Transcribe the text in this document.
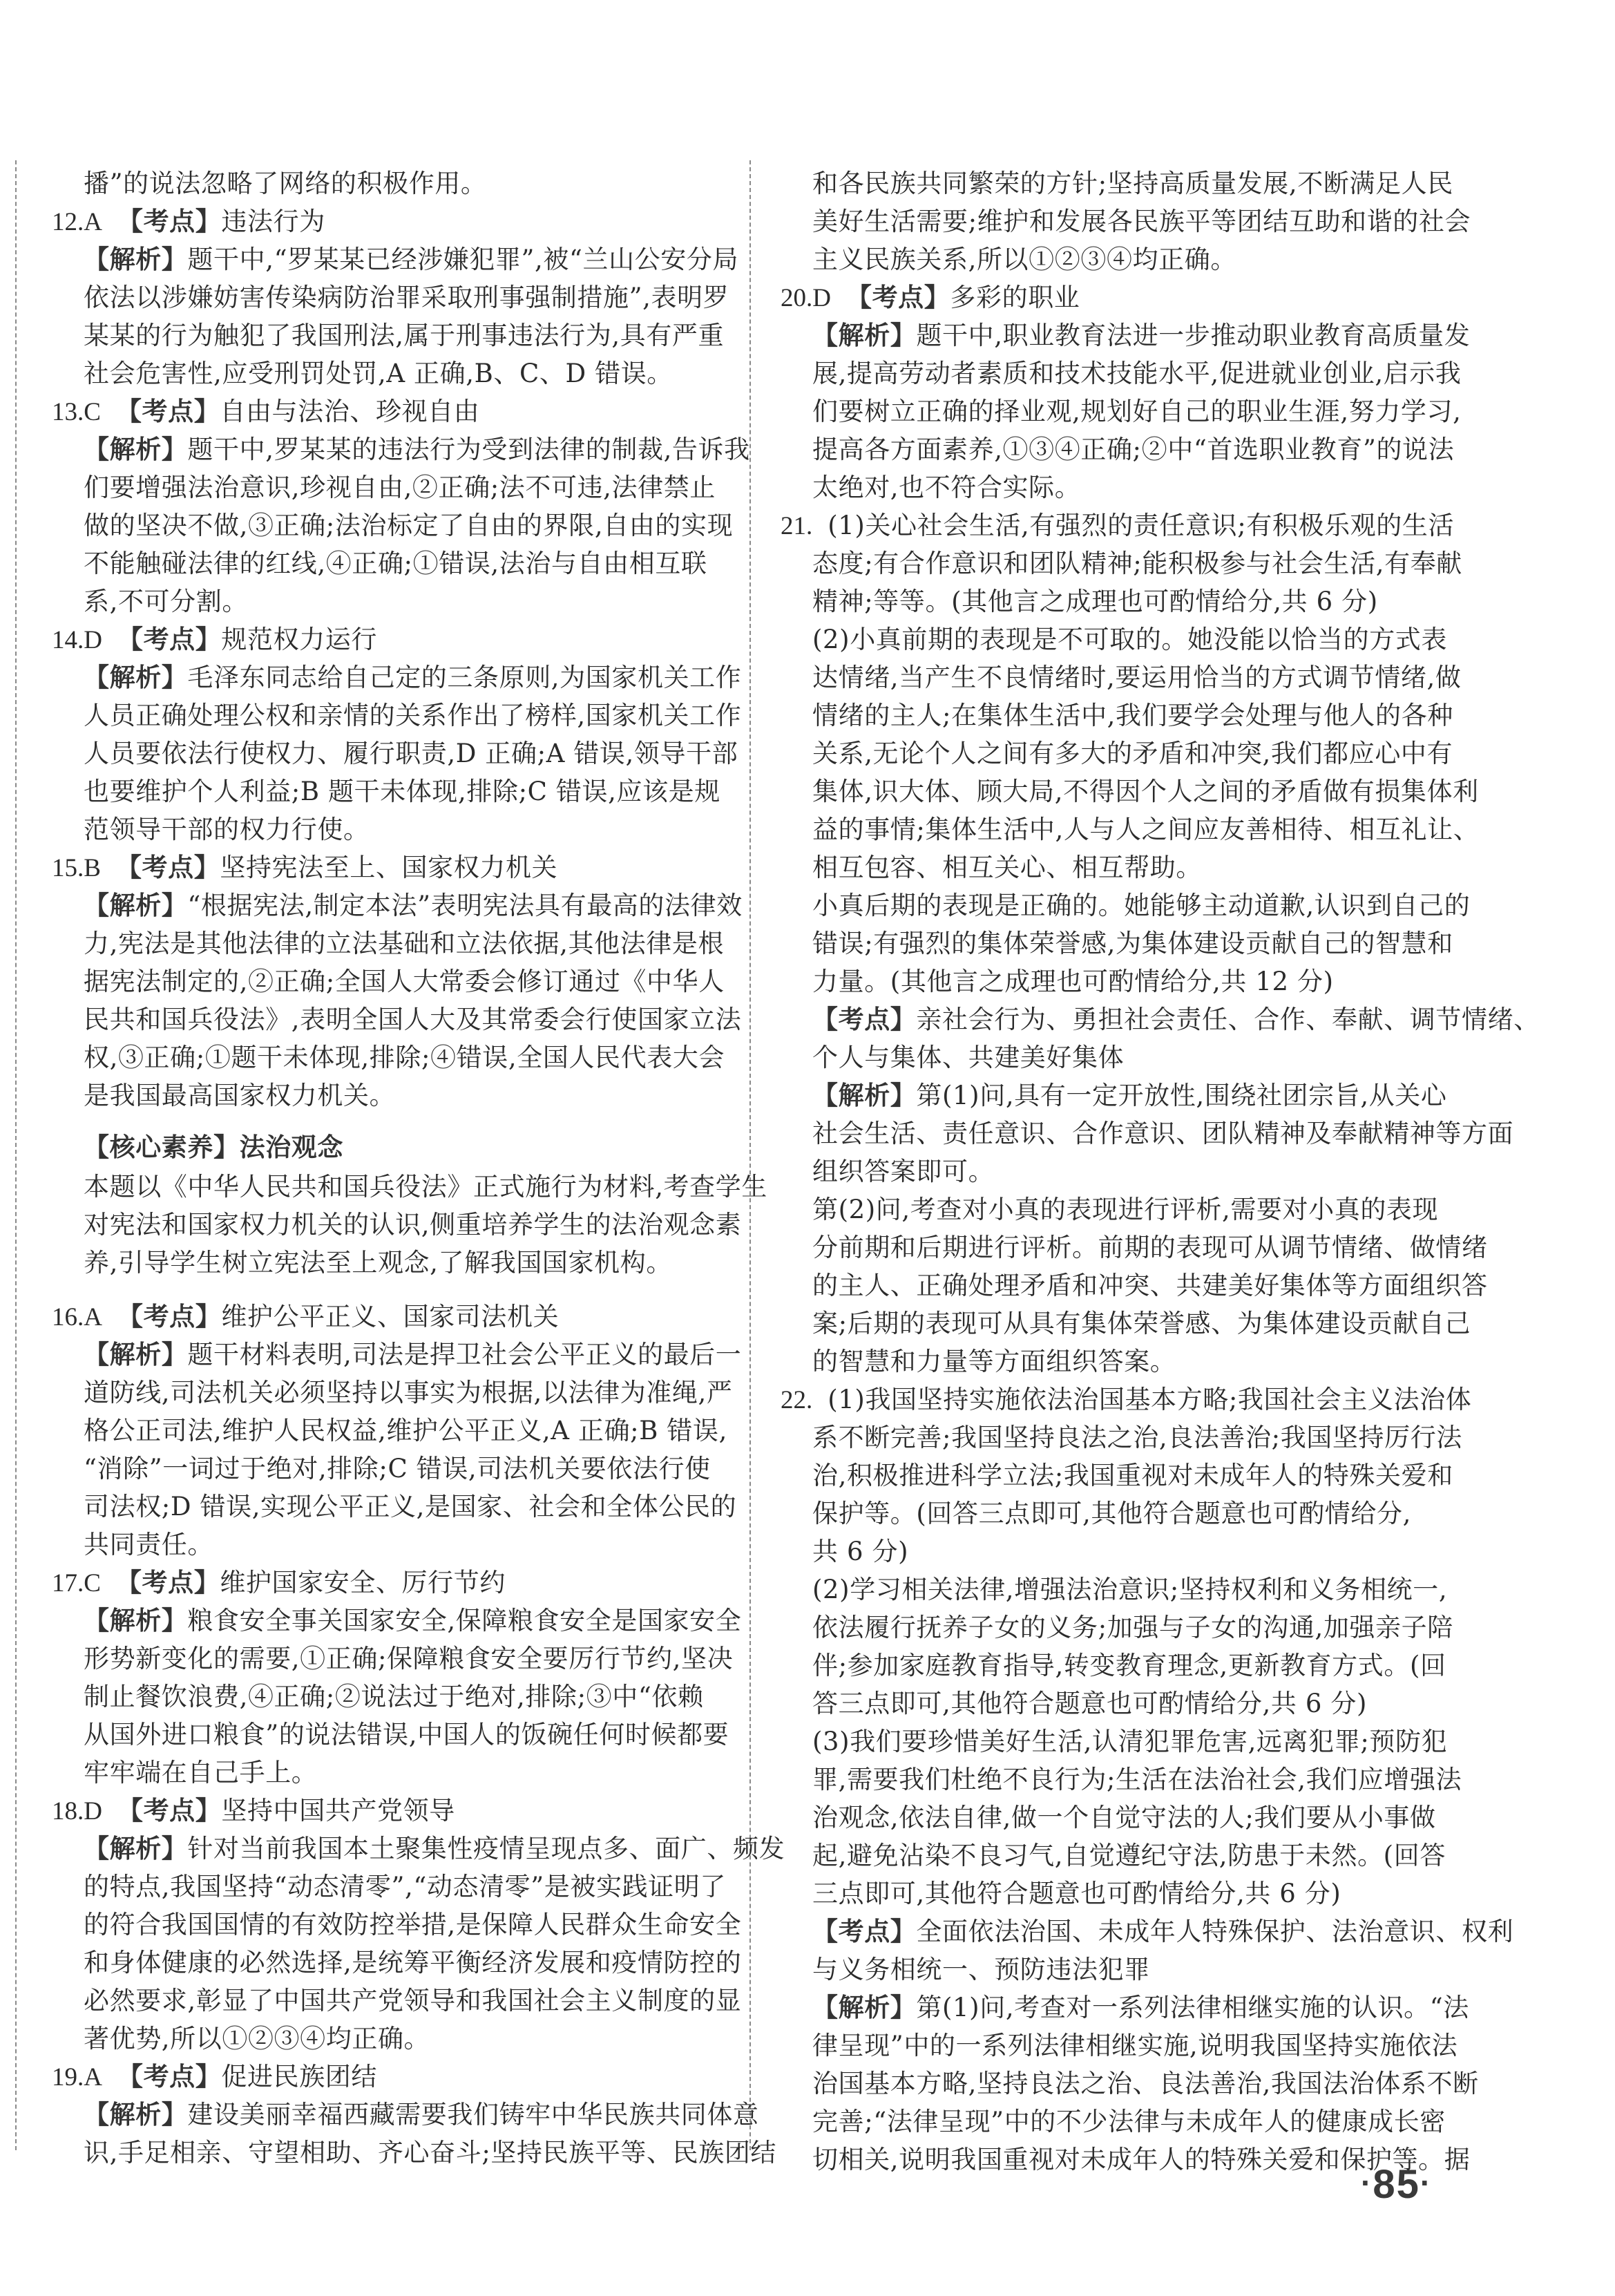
播”的说法忽略了网络的积极作用。
12.A 【考点】违法行为
【解析】题干中,“罗某某已经涉嫌犯罪”,被“兰山公安分局
依法以涉嫌妨害传染病防治罪采取刑事强制措施”,表明罗
某某的行为触犯了我国刑法,属于刑事违法行为,具有严重
社会危害性,应受刑罚处罚,A 正确,B、C、D 错误。
13.C 【考点】自由与法治、珍视自由
【解析】题干中,罗某某的违法行为受到法律的制裁,告诉我
们要增强法治意识,珍视自由,②正确;法不可违,法律禁止
做的坚决不做,③正确;法治标定了自由的界限,自由的实现
不能触碰法律的红线,④正确;①错误,法治与自由相互联
系,不可分割。
14.D 【考点】规范权力运行
【解析】毛泽东同志给自己定的三条原则,为国家机关工作
人员正确处理公权和亲情的关系作出了榜样,国家机关工作
人员要依法行使权力、履行职责,D 正确;A 错误,领导干部
也要维护个人利益;B 题干未体现,排除;C 错误,应该是规
范领导干部的权力行使。
15.B 【考点】坚持宪法至上、国家权力机关
【解析】“根据宪法,制定本法”表明宪法具有最高的法律效
力,宪法是其他法律的立法基础和立法依据,其他法律是根
据宪法制定的,②正确;全国人大常委会修订通过《中华人
民共和国兵役法》,表明全国人大及其常委会行使国家立法
权,③正确;①题干未体现,排除;④错误,全国人民代表大会
是我国最高国家权力机关。
【核心素养】法治观念
本题以《中华人民共和国兵役法》正式施行为材料,考查学生
对宪法和国家权力机关的认识,侧重培养学生的法治观念素
养,引导学生树立宪法至上观念,了解我国国家机构。
16.A 【考点】维护公平正义、国家司法机关
【解析】题干材料表明,司法是捍卫社会公平正义的最后一
道防线,司法机关必须坚持以事实为根据,以法律为准绳,严
格公正司法,维护人民权益,维护公平正义,A 正确;B 错误,
“消除”一词过于绝对,排除;C 错误,司法机关要依法行使
司法权;D 错误,实现公平正义,是国家、社会和全体公民的
共同责任。
17.C 【考点】维护国家安全、厉行节约
【解析】粮食安全事关国家安全,保障粮食安全是国家安全
形势新变化的需要,①正确;保障粮食安全要厉行节约,坚决
制止餐饮浪费,④正确;②说法过于绝对,排除;③中“依赖
从国外进口粮食”的说法错误,中国人的饭碗任何时候都要
牢牢端在自己手上。
18.D 【考点】坚持中国共产党领导
【解析】针对当前我国本土聚集性疫情呈现点多、面广、频发
的特点,我国坚持“动态清零”,“动态清零”是被实践证明了
的符合我国国情的有效防控举措,是保障人民群众生命安全
和身体健康的必然选择,是统筹平衡经济发展和疫情防控的
必然要求,彰显了中国共产党领导和我国社会主义制度的显
著优势,所以①②③④均正确。
19.A 【考点】促进民族团结
【解析】建设美丽幸福西藏需要我们铸牢中华民族共同体意
识,手足相亲、守望相助、齐心奋斗;坚持民族平等、民族团结
和各民族共同繁荣的方针;坚持高质量发展,不断满足人民
美好生活需要;维护和发展各民族平等团结互助和谐的社会
主义民族关系,所以①②③④均正确。
20.D 【考点】多彩的职业
【解析】题干中,职业教育法进一步推动职业教育高质量发
展,提高劳动者素质和技术技能水平,促进就业创业,启示我
们要树立正确的择业观,规划好自己的职业生涯,努力学习,
提高各方面素养,①③④正确;②中“首选职业教育”的说法
太绝对,也不符合实际。
21. (1)关心社会生活,有强烈的责任意识;有积极乐观的生活
态度;有合作意识和团队精神;能积极参与社会生活,有奉献
精神;等等。(其他言之成理也可酌情给分,共 6 分)
(2)小真前期的表现是不可取的。她没能以恰当的方式表
达情绪,当产生不良情绪时,要运用恰当的方式调节情绪,做
情绪的主人;在集体生活中,我们要学会处理与他人的各种
关系,无论个人之间有多大的矛盾和冲突,我们都应心中有
集体,识大体、顾大局,不得因个人之间的矛盾做有损集体利
益的事情;集体生活中,人与人之间应友善相待、相互礼让、
相互包容、相互关心、相互帮助。
小真后期的表现是正确的。她能够主动道歉,认识到自己的
错误;有强烈的集体荣誉感,为集体建设贡献自己的智慧和
力量。(其他言之成理也可酌情给分,共 12 分)
【考点】亲社会行为、勇担社会责任、合作、奉献、调节情绪、
个人与集体、共建美好集体
【解析】第(1)问,具有一定开放性,围绕社团宗旨,从关心
社会生活、责任意识、合作意识、团队精神及奉献精神等方面
组织答案即可。
第(2)问,考查对小真的表现进行评析,需要对小真的表现
分前期和后期进行评析。前期的表现可从调节情绪、做情绪
的主人、正确处理矛盾和冲突、共建美好集体等方面组织答
案;后期的表现可从具有集体荣誉感、为集体建设贡献自己
的智慧和力量等方面组织答案。
22. (1)我国坚持实施依法治国基本方略;我国社会主义法治体
系不断完善;我国坚持良法之治,良法善治;我国坚持厉行法
治,积极推进科学立法;我国重视对未成年人的特殊关爱和
保护等。(回答三点即可,其他符合题意也可酌情给分,
共 6 分)
(2)学习相关法律,增强法治意识;坚持权利和义务相统一,
依法履行抚养子女的义务;加强与子女的沟通,加强亲子陪
伴;参加家庭教育指导,转变教育理念,更新教育方式。(回
答三点即可,其他符合题意也可酌情给分,共 6 分)
(3)我们要珍惜美好生活,认清犯罪危害,远离犯罪;预防犯
罪,需要我们杜绝不良行为;生活在法治社会,我们应增强法
治观念,依法自律,做一个自觉守法的人;我们要从小事做
起,避免沾染不良习气,自觉遵纪守法,防患于未然。(回答
三点即可,其他符合题意也可酌情给分,共 6 分)
【考点】全面依法治国、未成年人特殊保护、法治意识、权利
与义务相统一、预防违法犯罪
【解析】第(1)问,考查对一系列法律相继实施的认识。“法
律呈现”中的一系列法律相继实施,说明我国坚持实施依法
治国基本方略,坚持良法之治、良法善治,我国法治体系不断
完善;“法律呈现”中的不少法律与未成年人的健康成长密
切相关,说明我国重视对未成年人的特殊关爱和保护等。据
·85·
